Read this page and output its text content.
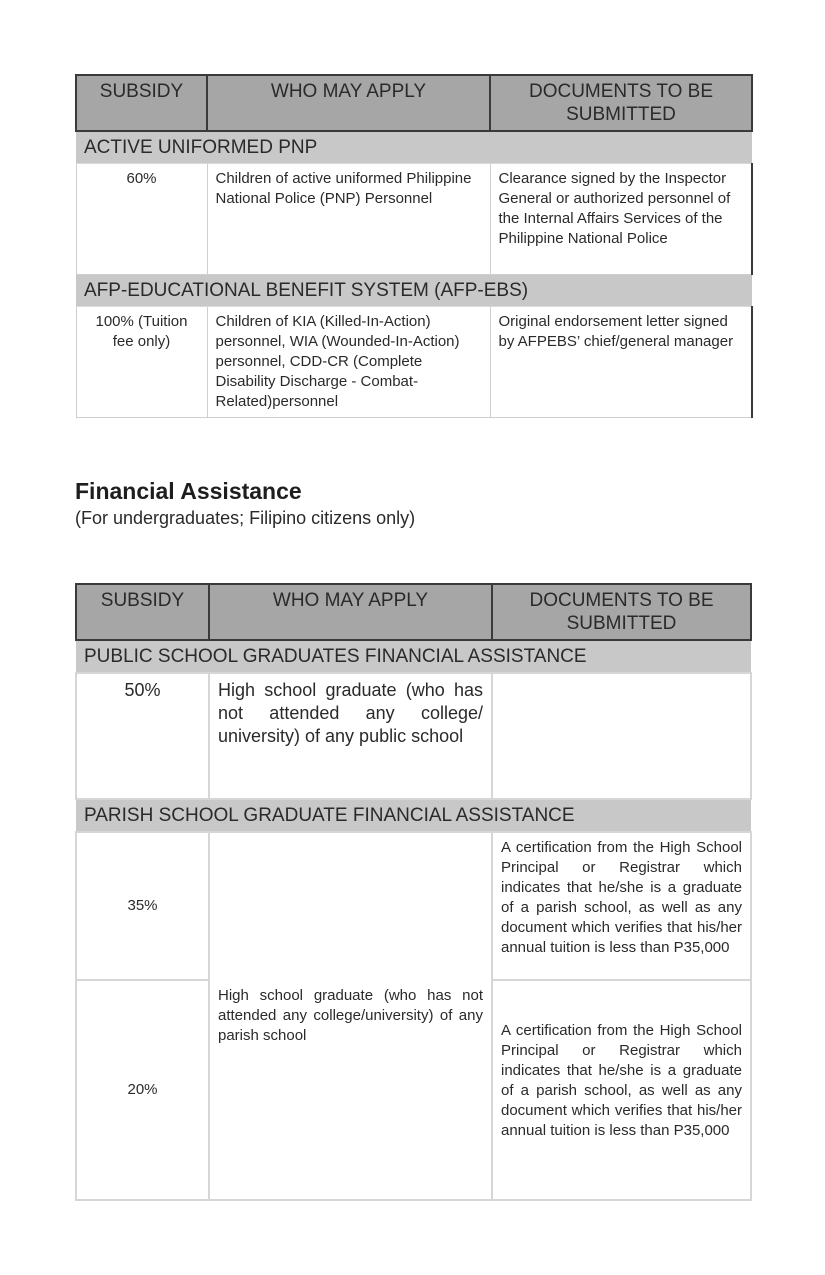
SUBSIDY	WHO MAY APPLY	DOCUMENTS TO BE SUBMITTED
ACTIVE UNIFORMED PNP		
60%	Children of active uniformed Philippine National Police (PNP) Personnel	Clearance signed by the Inspector General or authorized personnel of the Internal Affairs Services of the Philippine National Police
AFP-EDUCATIONAL BENEFIT SYSTEM (AFP-EBS)		
100% (Tuition fee only)	Children of KIA (Killed-In-Action) personnel, WIA (Wounded-In-Action) personnel, CDD-CR (Complete Disability Discharge - Combat-Related)personnel	Original endorsement letter signed by AFPEBS’ chief/general manager
Financial Assistance

(For undergraduates; Filipino citizens only)

SUBSIDY	WHO MAY APPLY	DOCUMENTS TO BE SUBMITTED
PUBLIC SCHOOL GRADUATES FINANCIAL ASSISTANCE		
50%	High school graduate (who has not attended any college/ university) of any public school	
PARISH SCHOOL GRADUATE FINANCIAL ASSISTANCE		
35%	High school graduate (who has not attended any college/university) of any parish school	A certification from the High School Principal or Registrar which indicates that he/she is a graduate of a parish school, as well as any document which verifies that his/her annual tuition is less than P35,000
20%		A certification from the High School Principal or Registrar which indicates that he/she is a graduate of a parish school, as well as any document which verifies that his/her annual tuition is less than P35,000
